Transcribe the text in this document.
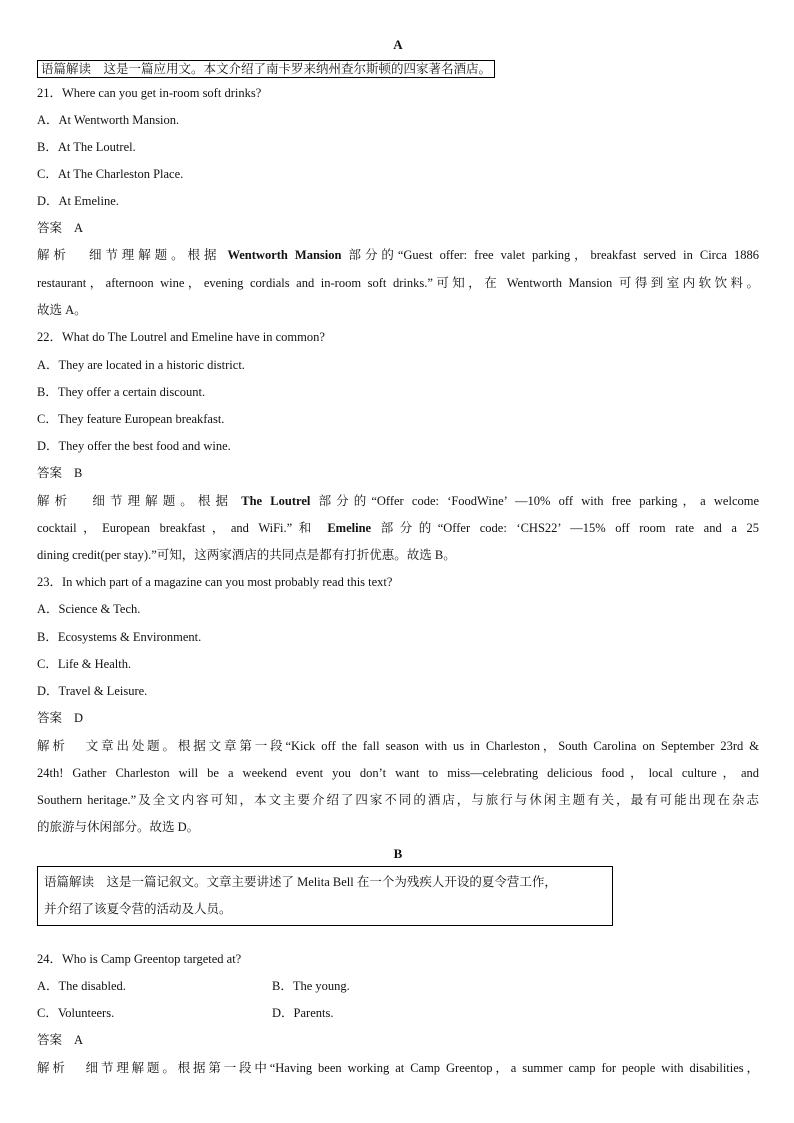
A
语篇解读　这是一篇应用文。本文介绍了南卡罗来纳州查尔斯顿的四家著名酒店。
21．Where can you get in-room soft drinks?
A．At Wentworth Mansion.
B．At The Loutrel.
C．At The Charleston Place.
D．At Emeline.
答案 A
解析 细节理解题。根据 Wentworth Mansion 部分的“Guest offer: free valet parking，breakfast served in Circa 1886
restaurant，afternoon wine，evening cordials and in-room soft drinks.”可知，在 Wentworth Mansion 可得到室内软饮料。
故选 A。
22．What do The Loutrel and Emeline have in common?
A．They are located in a historic district.
B．They offer a certain discount.
C．They feature European breakfast.
D．They offer the best food and wine.
答案 B
解析 细节理解题。根据 The Loutrel 部分的“Offer code: ‘FoodWine’ —10% off with free parking，a welcome
cocktail，European breakfast，and WiFi.”和 Emeline 部分的“Offer code: ‘CHS22’ —15% off room rate and a 25
dining credit(per stay).”可知，这两家酒店的共同点是都有打折优惠。故选 B。
23．In which part of a magazine can you most probably read this text?
A．Science & Tech.
B．Ecosystems & Environment.
C．Life & Health.
D．Travel & Leisure.
答案 D
解析 文章出处题。根据文章第一段“Kick off the fall season with us in Charleston，South Carolina on September 23rd &
24th! Gather Charleston will be a weekend event you don’t want to miss—celebrating delicious food，local culture，and
Southern heritage.”及全文内容可知，本文主要介绍了四家不同的酒店，与旅行与休闲主题有关，最有可能出现在杂志
的旅游与休闲部分。故选 D。
B
语篇解读　这是一篇记叙文。文章主要讲述了 Melita Bell 在一个为残疾人开设的夏令营工作，
并介绍了该夏令营的活动及人员。
24．Who is Camp Greentop targeted at?
A．The disabled.	B．The young.
C．Volunteers.	D．Parents.
答案 A
解析 细节理解题。根据第一段中“Having been working at Camp Greentop，a summer camp for people with disabilities，
